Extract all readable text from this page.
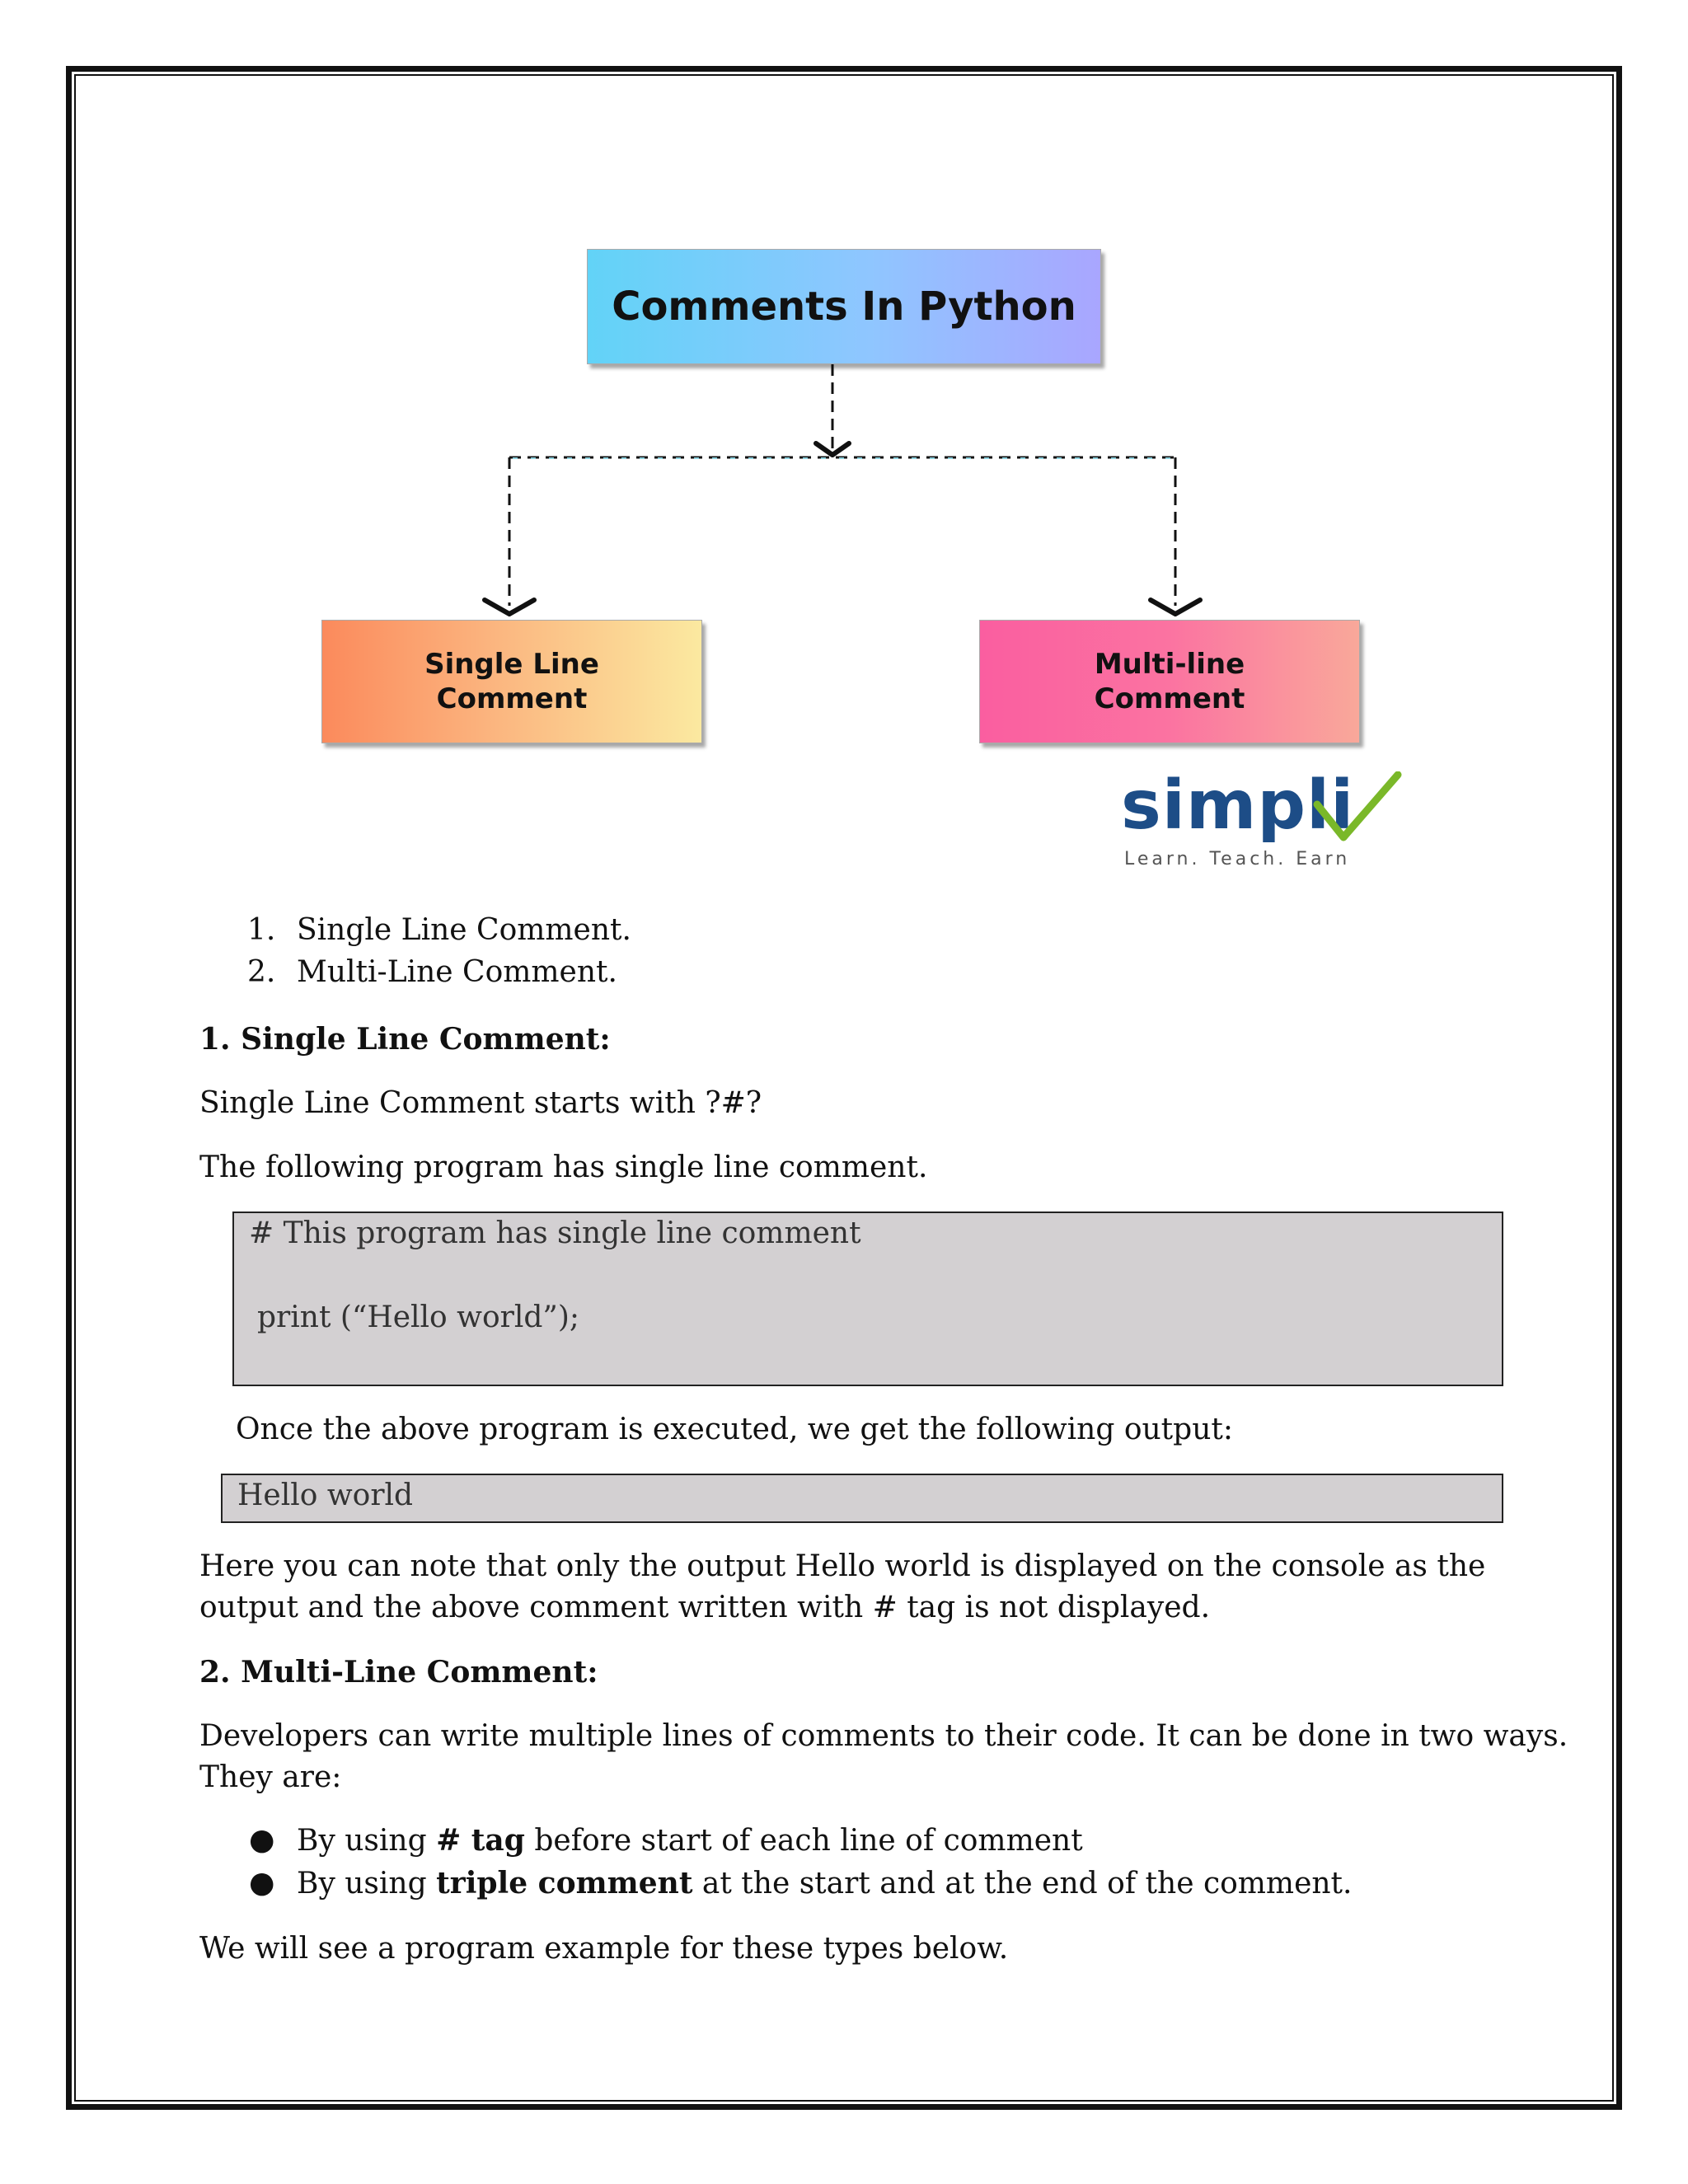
Comments In Python
Single Line
Comment
Multi-line
Comment
simpli
Learn. Teach. Earn
1. Single Line Comment.
2. Multi-Line Comment.
1. Single Line Comment:
Single Line Comment starts with ?#?
The following program has single line comment.
# This program has single line comment
print (“Hello world”);
Once the above program is executed, we get the following output:
Hello world
Here you can note that only the output Hello world is displayed on the console as the
output and the above comment written with # tag is not displayed.
2. Multi-Line Comment:
Developers can write multiple lines of comments to their code. It can be done in two ways.
They are:
● By using # tag before start of each line of comment
● By using triple comment at the start and at the end of the comment.
We will see a program example for these types below.
